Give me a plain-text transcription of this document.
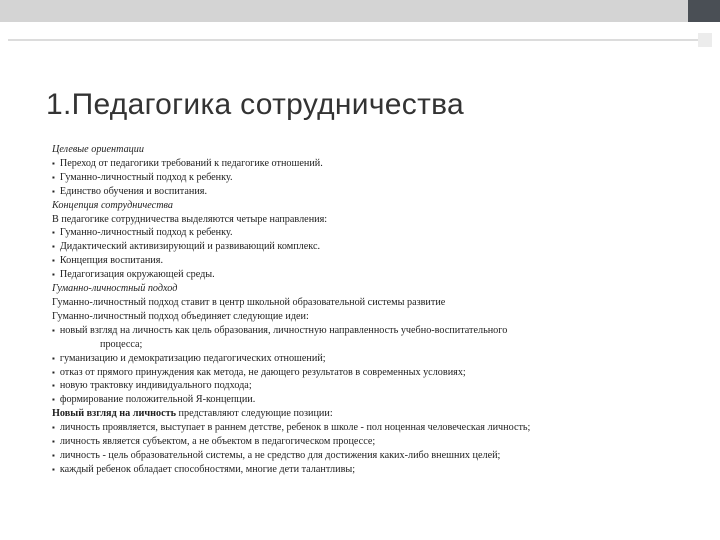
1.Педагогика сотрудничества
Целевые ориентации
▪ Переход от педагогики требований к педагогике отношений.
▪ Гуманно-личностный подход к ребенку.
▪ Единство обучения и воспитания.
Концепция сотрудничества
В педагогике сотрудничества выделяются четыре направления:
▪ Гуманно-личностный подход к ребенку.
▪ Дидактический активизирующий и развивающий комплекс.
▪ Концепция воспитания.
▪ Педагогизация окружающей среды.
Гуманно-личностный подход
Гуманно-личностный подход ставит в центр школьной образовательной системы развитие
Гуманно-личностный подход объединяет следующие идеи:
▪ новый взгляд на личность как цель образования, личностную направленность учебно-воспитательного
процесса;
▪ гуманизацию и демократизацию педагогических отношений;
▪ отказ от прямого принуждения как метода, не дающего результатов в современных условиях;
▪ новую трактовку индивидуального подхода;
▪ формирование положительной Я-концепции.
Новый взгляд на личность представляют следующие позиции:
▪ личность проявляется, выступает в раннем детстве, ребенок в школе - пол ноценная человеческая личность;
▪ личность является субъектом, а не объектом в педагогическом процессе;
▪ личность - цель образовательной системы, а не средство для достижения каких-либо внешних целей;
▪ каждый ребенок обладает способностями, многие дети талантливы;
